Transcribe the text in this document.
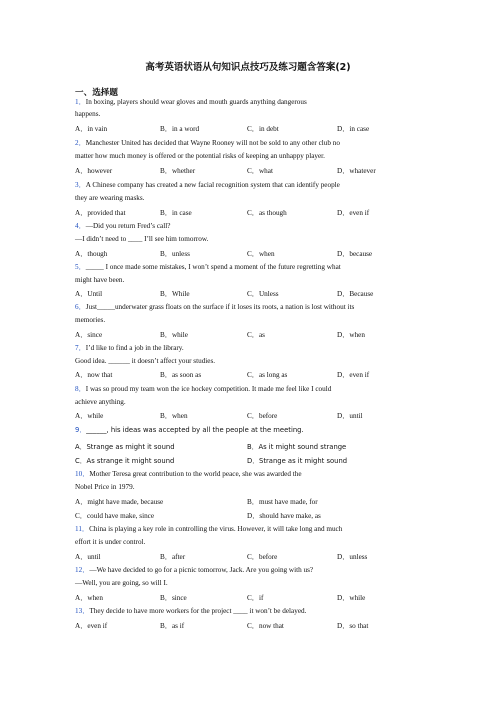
高考英语状语从句知识点技巧及练习题含答案(2)
一、选择题
1．In boxing, players should wear gloves and mouth guards anything dangerous
happens.
A．in vain	B．in a word	C．in debt	D．in case
2．Manchester United has decided that Wayne Rooney will not be sold to any other club no
matter how much money is offered or the potential risks of keeping an unhappy player.
A．however	B．whether	C．what	D．whatever
3．A Chinese company has created a new facial recognition system that can identify people
they are wearing masks.
A．provided that	B．in case	C．as though	D．even if
4．—Did you return Fred’s call?
—I didn’t need to ____ I’ll see him tomorrow.
A．though	B．unless	C．when	D．because
5．_____ I once made some mistakes, I won’t spend a moment of the future regretting what
might have been.
A．Until	B．While	C．Unless	D．Because
6．Just_____underwater grass floats on the surface if it loses its roots, a nation is lost without its
memories.
A．since	B．while	C．as	D．when
7．I’d like to find a job in the library.
Good idea. ______ it doesn’t affect your studies.
A．now that	B．as soon as	C．as long as	D．even if
8．I was so proud my team won the ice hockey competition. It made me feel like I could
achieve anything.
A．while	B．when	C．before	D．until
9．______, his ideas was accepted by all the people at the meeting.
A．Strange as might it sound	B．As it might sound strange
C．As strange it might sound	D．Strange as it might sound
10．Mother Teresa great contribution to the world peace, she was awarded the
Nobel Price in 1979.
A．might have made, because	B．must have made, for
C．could have make, since	D．should have make, as
11．China is playing a key role in controlling the virus. However, it will take long and much
effort it is under control.
A．until	B．after	C．before	D．unless
12．—We have decided to go for a picnic tomorrow, Jack. Are you going with us?
—Well, you are going, so will I.
A．when	B．since	C．if	D．while
13．They decide to have more workers for the project ____ it won’t be delayed.
A．even if	B．as if	C．now that	D．so that
